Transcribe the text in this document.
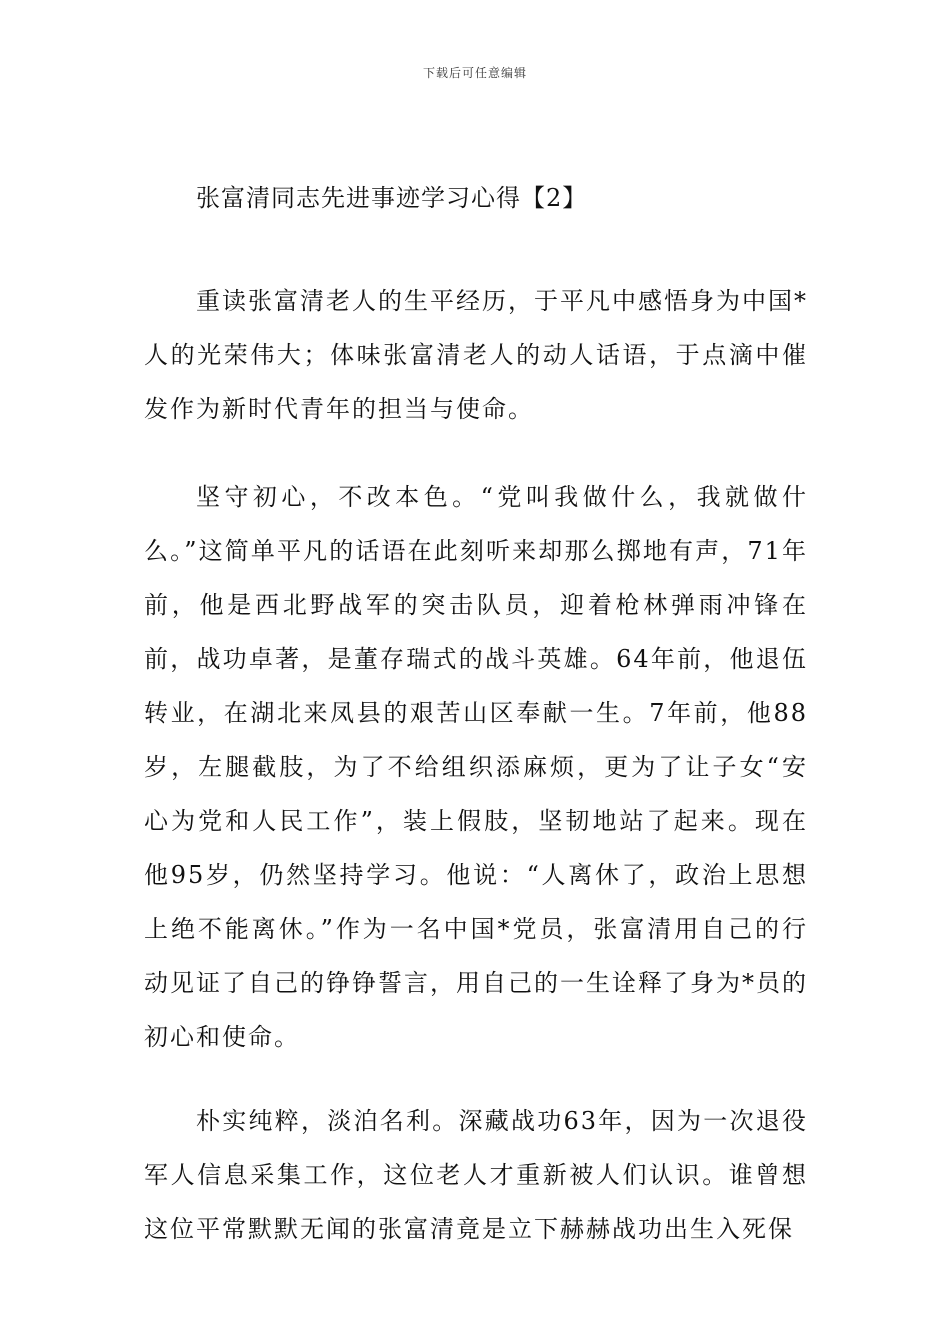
下载后可任意编辑
张富清同志先进事迹学习心得【2】

重读张富清老人的生平经历，于平凡中感悟身为中国*人的光荣伟大；体味张富清老人的动人话语，于点滴中催发作为新时代青年的担当与使命。

坚守初心，不改本色。“党叫我做什么，我就做什么。”这简单平凡的话语在此刻听来却那么掷地有声，71年前，他是西北野战军的突击队员，迎着枪林弹雨冲锋在前，战功卓著，是董存瑞式的战斗英雄。64年前，他退伍转业，在湖北来凤县的艰苦山区奉献一生。7年前，他88岁，左腿截肢，为了不给组织添麻烦，更为了让子女“安心为党和人民工作”，装上假肢，坚韧地站了起来。现在他95岁，仍然坚持学习。他说：“人离休了，政治上思想上绝不能离休。”作为一名中国*党员，张富清用自己的行动见证了自己的铮铮誓言，用自己的一生诠释了身为*员的初心和使命。

朴实纯粹，淡泊名利。深藏战功63年，因为一次退役军人信息采集工作，这位老人才重新被人们认识。谁曾想这位平常默默无闻的张富清竟是立下赫赫战功出生入死保
